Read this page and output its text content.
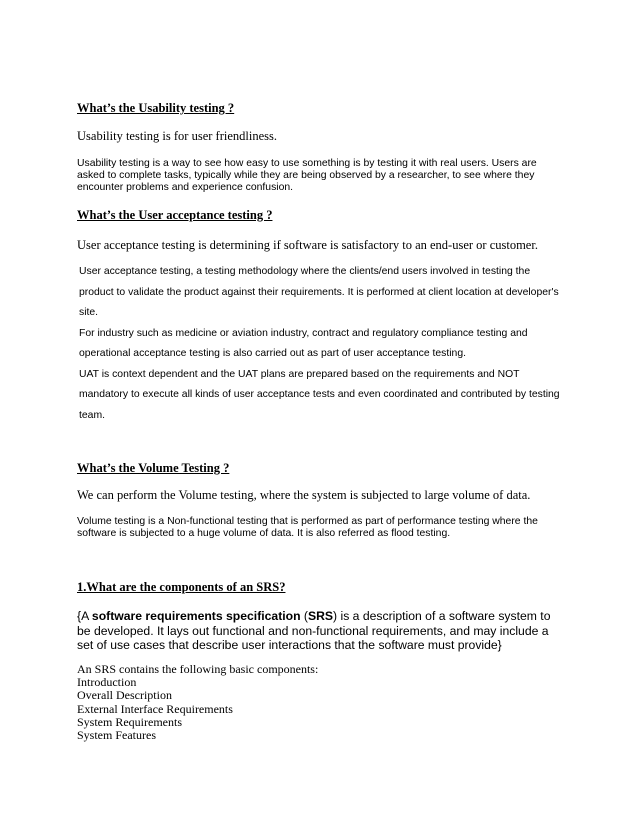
What’s the Usability testing ?
Usability testing is for user friendliness.
Usability testing is a way to see how easy to use something is by testing it with real users. Users are asked to complete tasks, typically while they are being observed by a researcher, to see where they encounter problems and experience confusion.
What’s the User acceptance testing ?
User acceptance testing is determining if software is satisfactory to an end-user or customer.
User acceptance testing, a testing methodology where the clients/end users involved in testing the
product to validate the product against their requirements. It is performed at client location at developer's
site.
For industry such as medicine or aviation industry, contract and regulatory compliance testing and
operational acceptance testing is also carried out as part of user acceptance testing.
UAT is context dependent and the UAT plans are prepared based on the requirements and NOT
mandatory to execute all kinds of user acceptance tests and even coordinated and contributed by testing
team.
What’s the Volume Testing ?
We can perform the Volume testing, where the system is subjected to large volume of data.
Volume testing is a Non-functional testing that is performed as part of performance testing where the software is subjected to a huge volume of data. It is also referred as flood testing.
1.What are the components of an SRS?
{A software requirements specification (SRS) is a description of a software system to be developed. It lays out functional and non-functional requirements, and may include a set of use cases that describe user interactions that the software must provide}
An SRS contains the following basic components:
Introduction
Overall Description
External Interface Requirements
System Requirements
System Features
